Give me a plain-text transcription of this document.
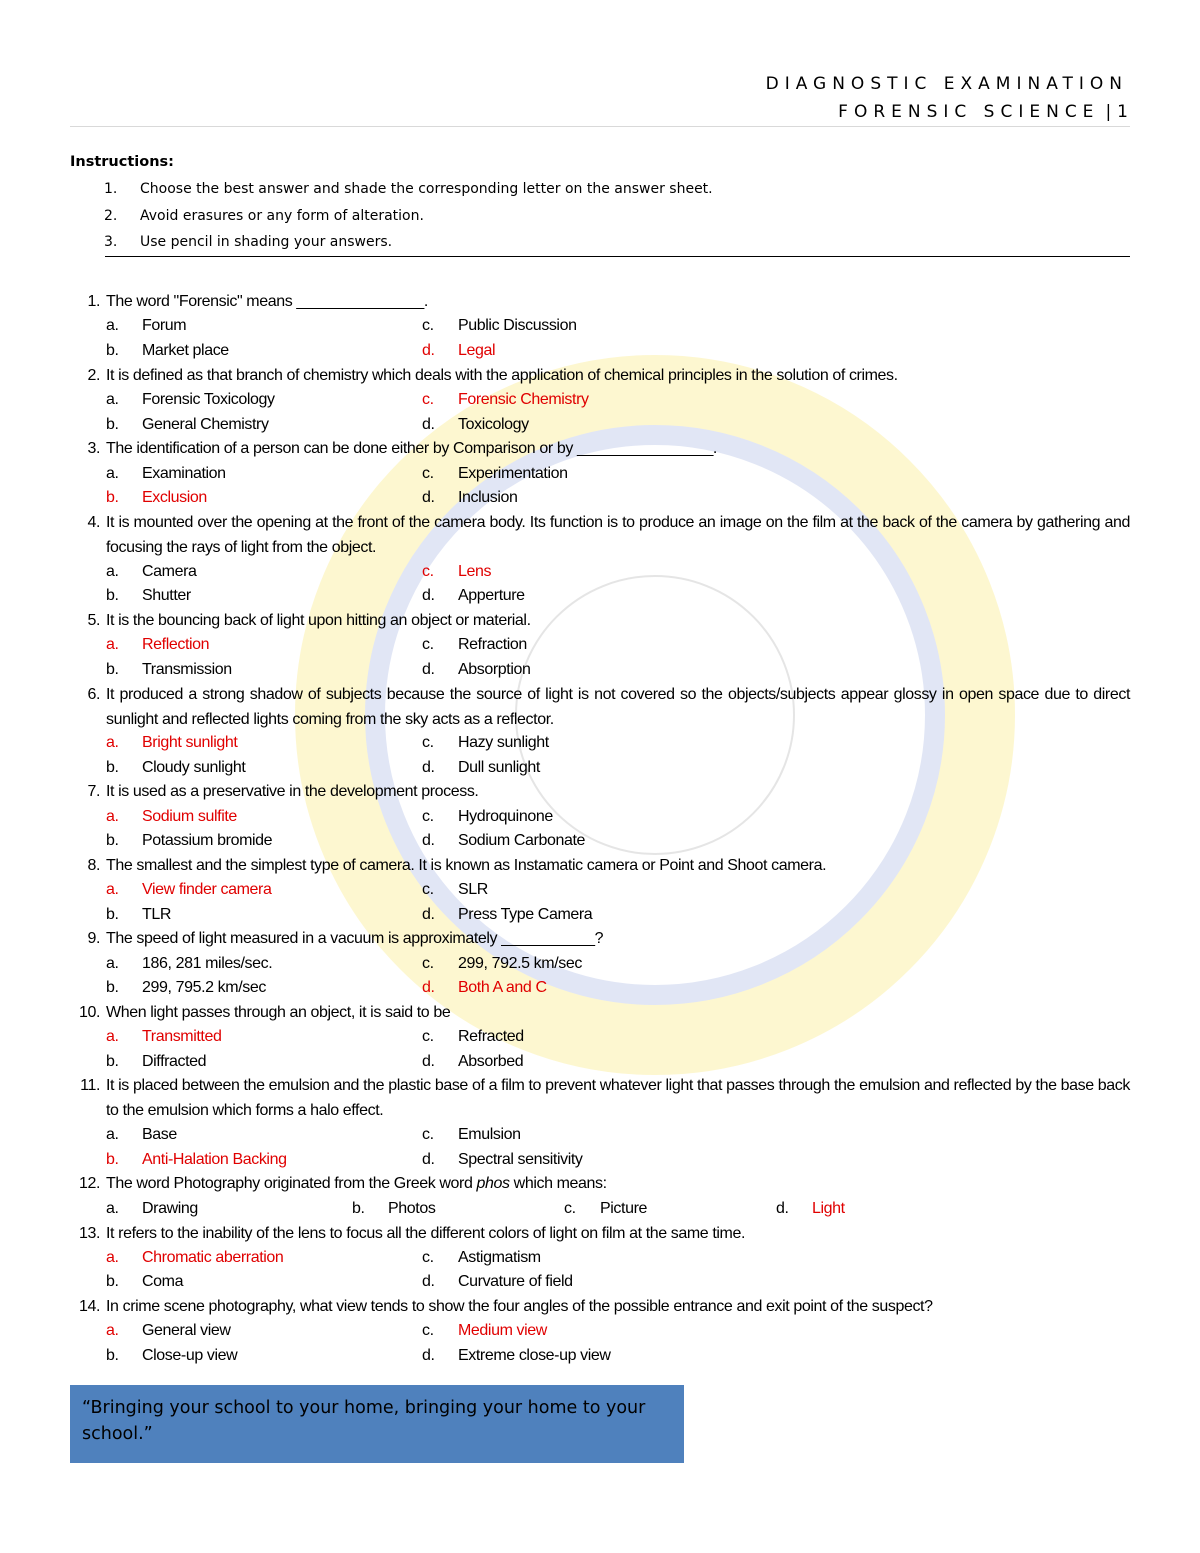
DIAGNOSTIC EXAMINATION
FORENSIC SCIENCE | 1
Instructions:
1. Choose the best answer and shade the corresponding letter on the answer sheet.
2. Avoid erasures or any form of alteration.
3. Use pencil in shading your answers.
1. The word "Forensic" means _______________.
a. Forum	c. Public Discussion
b. Market place	d. Legal
2. It is defined as that branch of chemistry which deals with the application of chemical principles in the solution of crimes.
a. Forensic Toxicology	c. Forensic Chemistry
b. General Chemistry	d. Toxicology
3. The identification of a person can be done either by Comparison or by ________________.
a. Examination	c. Experimentation
b. Exclusion	d. Inclusion
4. It is mounted over the opening at the front of the camera body. Its function is to produce an image on the film at the back of the camera by gathering and focusing the rays of light from the object.
a. Camera	c. Lens
b. Shutter	d. Apperture
5. It is the bouncing back of light upon hitting an object or material.
a. Reflection	c. Refraction
b. Transmission	d. Absorption
6. It produced a strong shadow of subjects because the source of light is not covered so the objects/subjects appear glossy in open space due to direct sunlight and reflected lights coming from the sky acts as a reflector.
a. Bright sunlight	c. Hazy sunlight
b. Cloudy sunlight	d. Dull sunlight
7. It is used as a preservative in the development process.
a. Sodium sulfite	c. Hydroquinone
b. Potassium bromide	d. Sodium Carbonate
8. The smallest and the simplest type of camera. It is known as Instamatic camera or Point and Shoot camera.
a. View finder camera	c. SLR
b. TLR	d. Press Type Camera
9. The speed of light measured in a vacuum is approximately ___________?
a. 186, 281 miles/sec.	c. 299, 792.5 km/sec
b. 299, 795.2 km/sec	d. Both A and C
10. When light passes through an object, it is said to be
a. Transmitted	c. Refracted
b. Diffracted	d. Absorbed
11. It is placed between the emulsion and the plastic base of a film to prevent whatever light that passes through the emulsion and reflected by the base back to the emulsion which forms a halo effect.
a. Base	c. Emulsion
b. Anti-Halation Backing	d. Spectral sensitivity
12. The word Photography originated from the Greek word phos which means:
a. Drawing	b. Photos	c. Picture	d. Light
13. It refers to the inability of the lens to focus all the different colors of light on film at the same time.
a. Chromatic aberration	c. Astigmatism
b. Coma	d. Curvature of field
14. In crime scene photography, what view tends to show the four angles of the possible entrance and exit point of the suspect?
a. General view	c. Medium view
b. Close-up view	d. Extreme close-up view
“Bringing your school to your home, bringing your home to your school.”
